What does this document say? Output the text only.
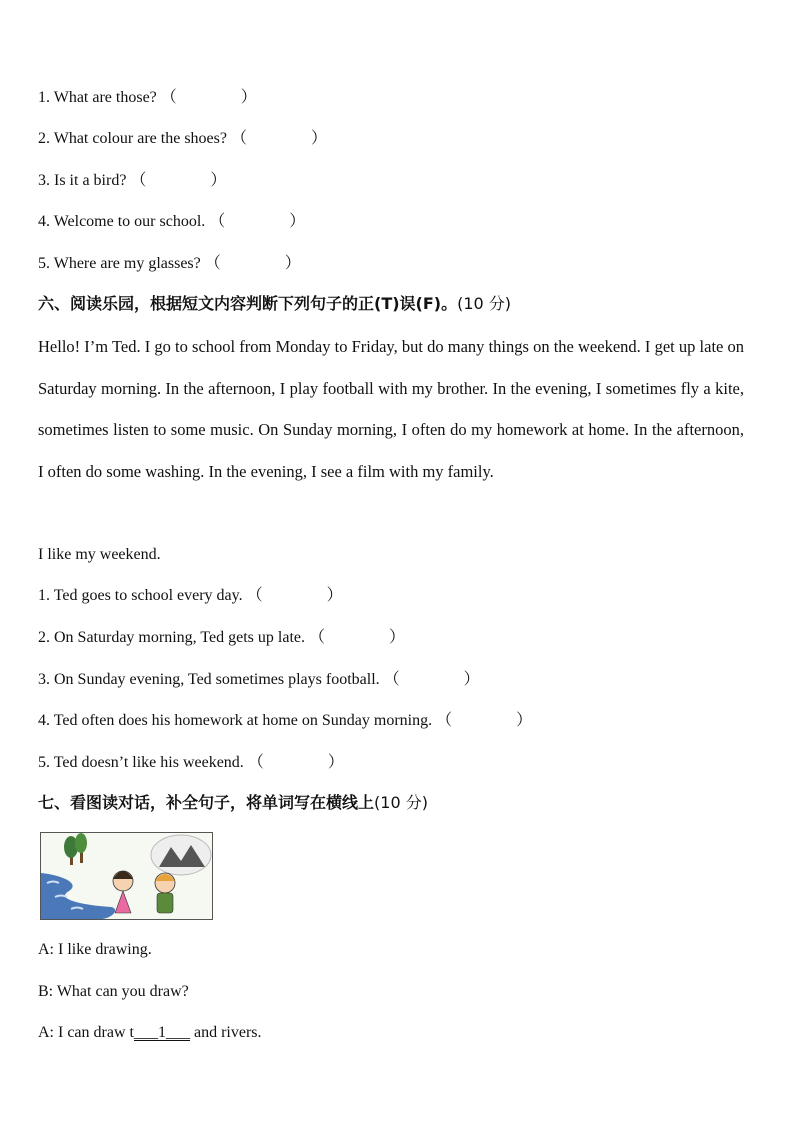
1. What are those? （　　　　）
2. What colour are the shoes? （　　　　）
3. Is it a bird? （　　　　）
4. Welcome to our school. （　　　　）
5. Where are my glasses? （　　　　）
六、阅读乐园，根据短文内容判断下列句子的正(T)误(F)。(10 分)
Hello! I’m Ted. I go to school from Monday to Friday, but do many things on the weekend. I get up late on Saturday morning. In the afternoon, I play football with my brother. In the evening, I sometimes fly a kite, sometimes listen to some music. On Sunday morning, I often do my homework at home. In the afternoon, I often do some washing. In the evening, I see a film with my family.
I like my weekend.
1. Ted goes to school every day. （　　　　）
2. On Saturday morning, Ted gets up late. （　　　　）
3. On Sunday evening, Ted sometimes plays football. （　　　　）
4. Ted often does his homework at home on Sunday morning. （　　　　）
5. Ted doesn’t like his weekend. （　　　　）
七、看图读对话，补全句子，将单词写在横线上(10 分)
A: I like drawing.
B: What can you draw?
A: I can draw t___1___ and rivers.
